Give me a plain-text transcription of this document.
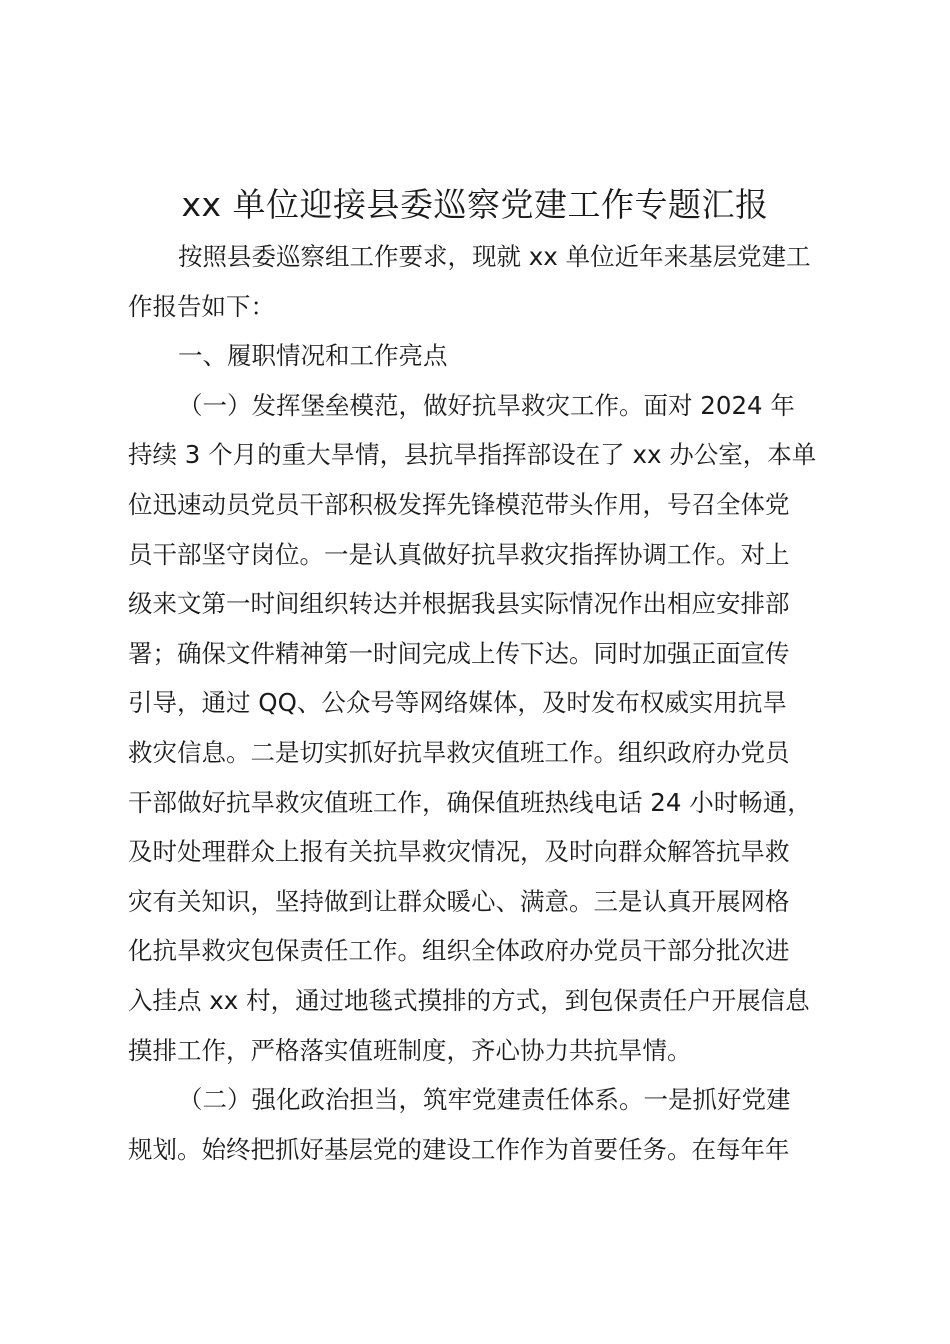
xx 单位迎接县委巡察党建工作专题汇报
按照县委巡察组工作要求，现就 xx 单位近年来基层党建工
作报告如下：
一、履职情况和工作亮点
（一）发挥堡垒模范，做好抗旱救灾工作。面对 2024 年
持续 3 个月的重大旱情，县抗旱指挥部设在了 xx 办公室，本单
位迅速动员党员干部积极发挥先锋模范带头作用，号召全体党
员干部坚守岗位。一是认真做好抗旱救灾指挥协调工作。对上
级来文第一时间组织转达并根据我县实际情况作出相应安排部
署；确保文件精神第一时间完成上传下达。同时加强正面宣传
引导，通过 QQ、公众号等网络媒体，及时发布权威实用抗旱
救灾信息。二是切实抓好抗旱救灾值班工作。组织政府办党员
干部做好抗旱救灾值班工作，确保值班热线电话 24 小时畅通，
及时处理群众上报有关抗旱救灾情况，及时向群众解答抗旱救
灾有关知识，坚持做到让群众暖心、满意。三是认真开展网格
化抗旱救灾包保责任工作。组织全体政府办党员干部分批次进
入挂点 xx 村，通过地毯式摸排的方式，到包保责任户开展信息
摸排工作，严格落实值班制度，齐心协力共抗旱情。
（二）强化政治担当，筑牢党建责任体系。一是抓好党建
规划。始终把抓好基层党的建设工作作为首要任务。在每年年
